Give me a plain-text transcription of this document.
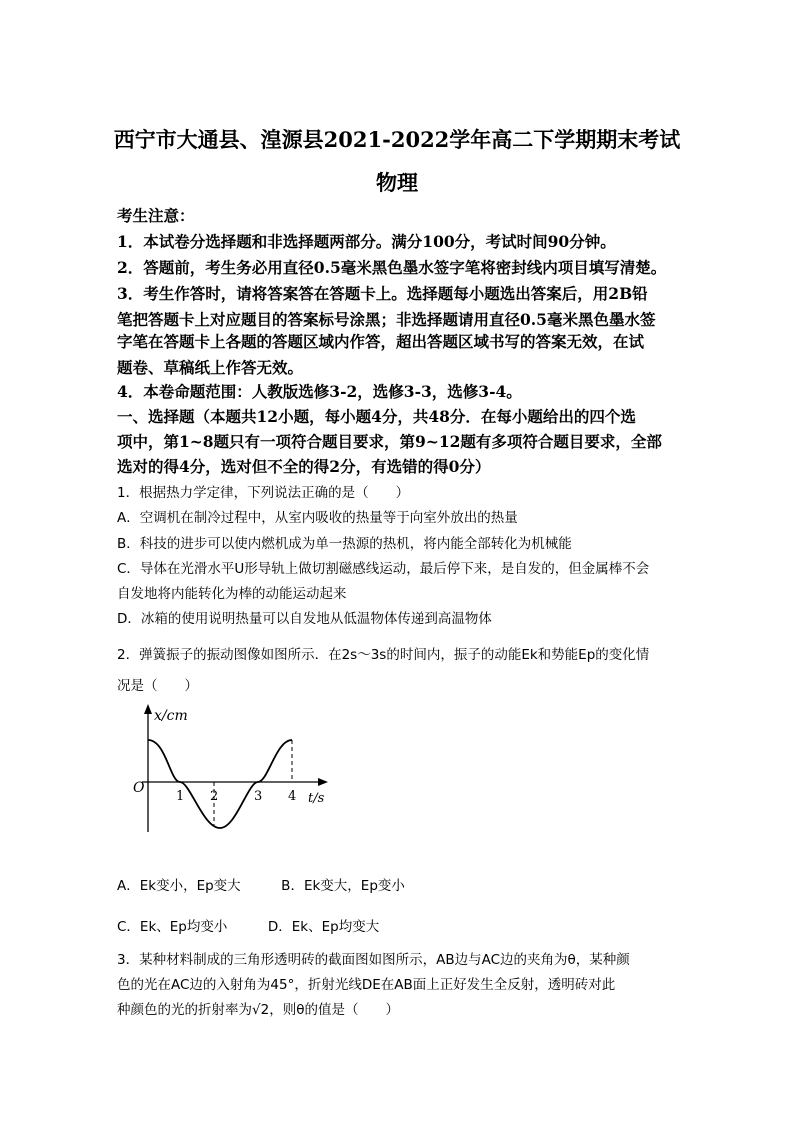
西宁市大通县、湟源县2021-2022学年高二下学期期末考试
物理
考生注意：
1．本试卷分选择题和非选择题两部分。满分100分，考试时间90分钟。
2．答题前，考生务必用直径0.5毫米黑色墨水签字笔将密封线内项目填写清楚。
3．考生作答时，请将答案答在答题卡上。选择题每小题选出答案后，用2B铅
笔把答题卡上对应题目的答案标号涂黑；非选择题请用直径0.5毫米黑色墨水签
字笔在答题卡上各题的答题区域内作答，超出答题区域书写的答案无效，在试
题卷、草稿纸上作答无效。
4．本卷命题范围：人教版选修3-2，选修3-3，选修3-4。
一、选择题（本题共12小题，每小题4分，共48分．在每小题给出的四个选
项中，第1~8题只有一项符合题目要求，第9~12题有多项符合题目要求，全部
选对的得4分，选对但不全的得2分，有选错的得0分）
1．根据热力学定律，下列说法正确的是（　　）
A．空调机在制冷过程中，从室内吸收的热量等于向室外放出的热量
B．科技的进步可以使内燃机成为单一热源的热机，将内能全部转化为机械能
C．导体在光滑水平U形导轨上做切割磁感线运动，最后停下来，是自发的，但金属棒不会
自发地将内能转化为棒的动能运动起来
D．冰箱的使用说明热量可以自发地从低温物体传递到高温物体
2．弹簧振子的振动图像如图所示．在2s～3s的时间内，振子的动能Ek和势能Ep的变化情
况是（　　）
x/cm
O
1 2	3 4 t/s
A．Ek变小，Ep变大　　　B．Ek变大，Ep变小
C．Ek、Ep均变小　　　D．Ek、Ep均变大
3．某种材料制成的三角形透明砖的截面图如图所示，AB边与AC边的夹角为θ，某种颜
色的光在AC边的入射角为45°，折射光线DE在AB面上正好发生全反射，透明砖对此
种颜色的光的折射率为√2，则θ的值是（　　）
